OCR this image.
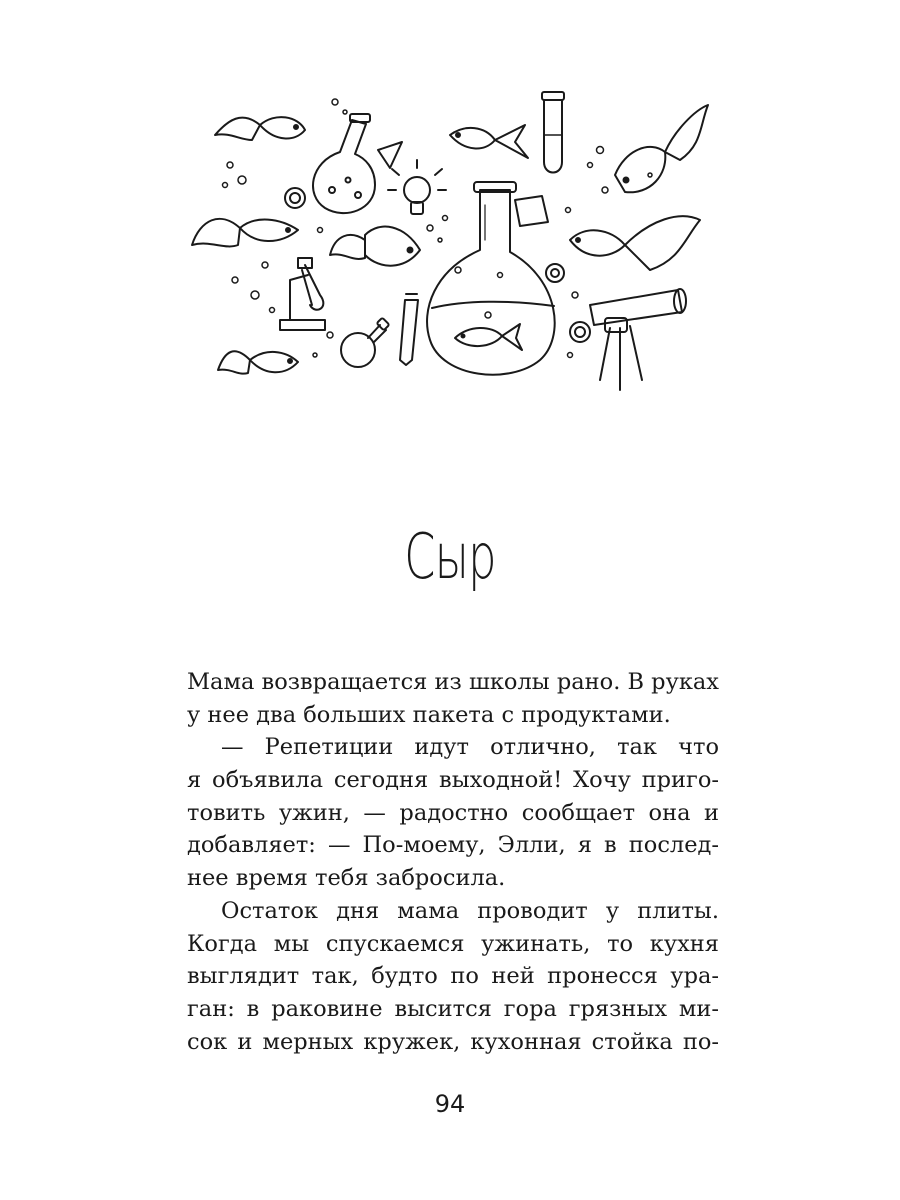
Сыр
Мама возвращается из школы рано. В руках
у нее два больших пакета с продуктами.
— Репетиции идут отлично, так что
я объявила сегодня выходной! Хочу приго-
товить ужин, — радостно сообщает она и
добавляет: — По-моему, Элли, я в послед-
нее время тебя забросила.
Остаток дня мама проводит у плиты.
Когда мы спускаемся ужинать, то кухня
выглядит так, будто по ней пронесся ура-
ган: в раковине высится гора грязных ми-
сок и мерных кружек, кухонная стойка по-
94
